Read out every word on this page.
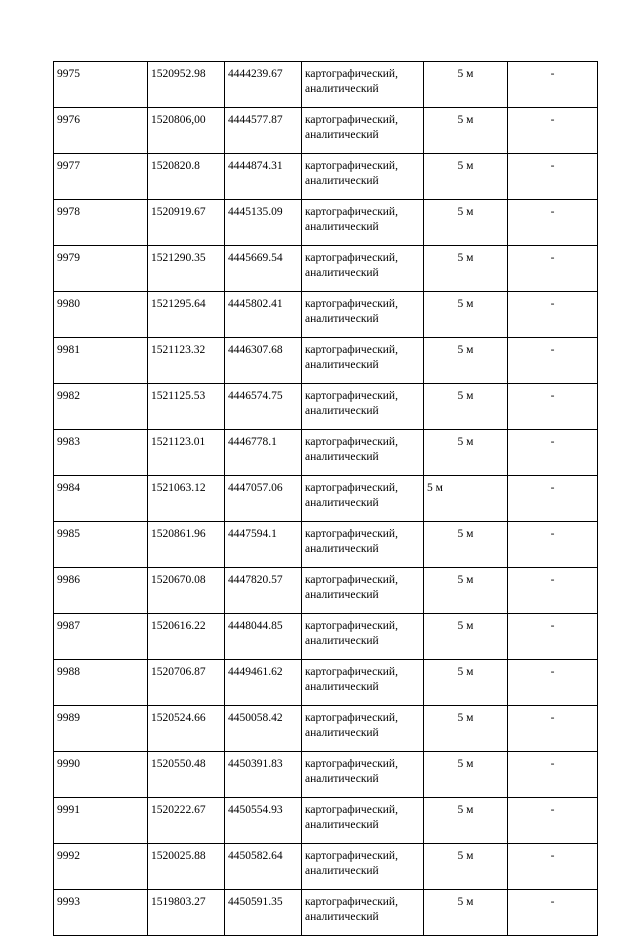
9975	1520952.98	4444239.67	картографический,
аналитический	5 м	-
9976	1520806,00	4444577.87	картографический,
аналитический	5 м	-
9977	1520820.8	4444874.31	картографический,
аналитический	5 м	-
9978	1520919.67	4445135.09	картографический,
аналитический	5 м	-
9979	1521290.35	4445669.54	картографический,
аналитический	5 м	-
9980	1521295.64	4445802.41	картографический,
аналитический	5 м	-
9981	1521123.32	4446307.68	картографический,
аналитический	5 м	-
9982	1521125.53	4446574.75	картографический,
аналитический	5 м	-
9983	1521123.01	4446778.1	картографический,
аналитический	5 м	-
9984	1521063.12	4447057.06	картографический,
аналитический	5 м	-
9985	1520861.96	4447594.1	картографический,
аналитический	5 м	-
9986	1520670.08	4447820.57	картографический,
аналитический	5 м	-
9987	1520616.22	4448044.85	картографический,
аналитический	5 м	-
9988	1520706.87	4449461.62	картографический,
аналитический	5 м	-
9989	1520524.66	4450058.42	картографический,
аналитический	5 м	-
9990	1520550.48	4450391.83	картографический,
аналитический	5 м	-
9991	1520222.67	4450554.93	картографический,
аналитический	5 м	-
9992	1520025.88	4450582.64	картографический,
аналитический	5 м	-
9993	1519803.27	4450591.35	картографический,
аналитический	5 м	-
